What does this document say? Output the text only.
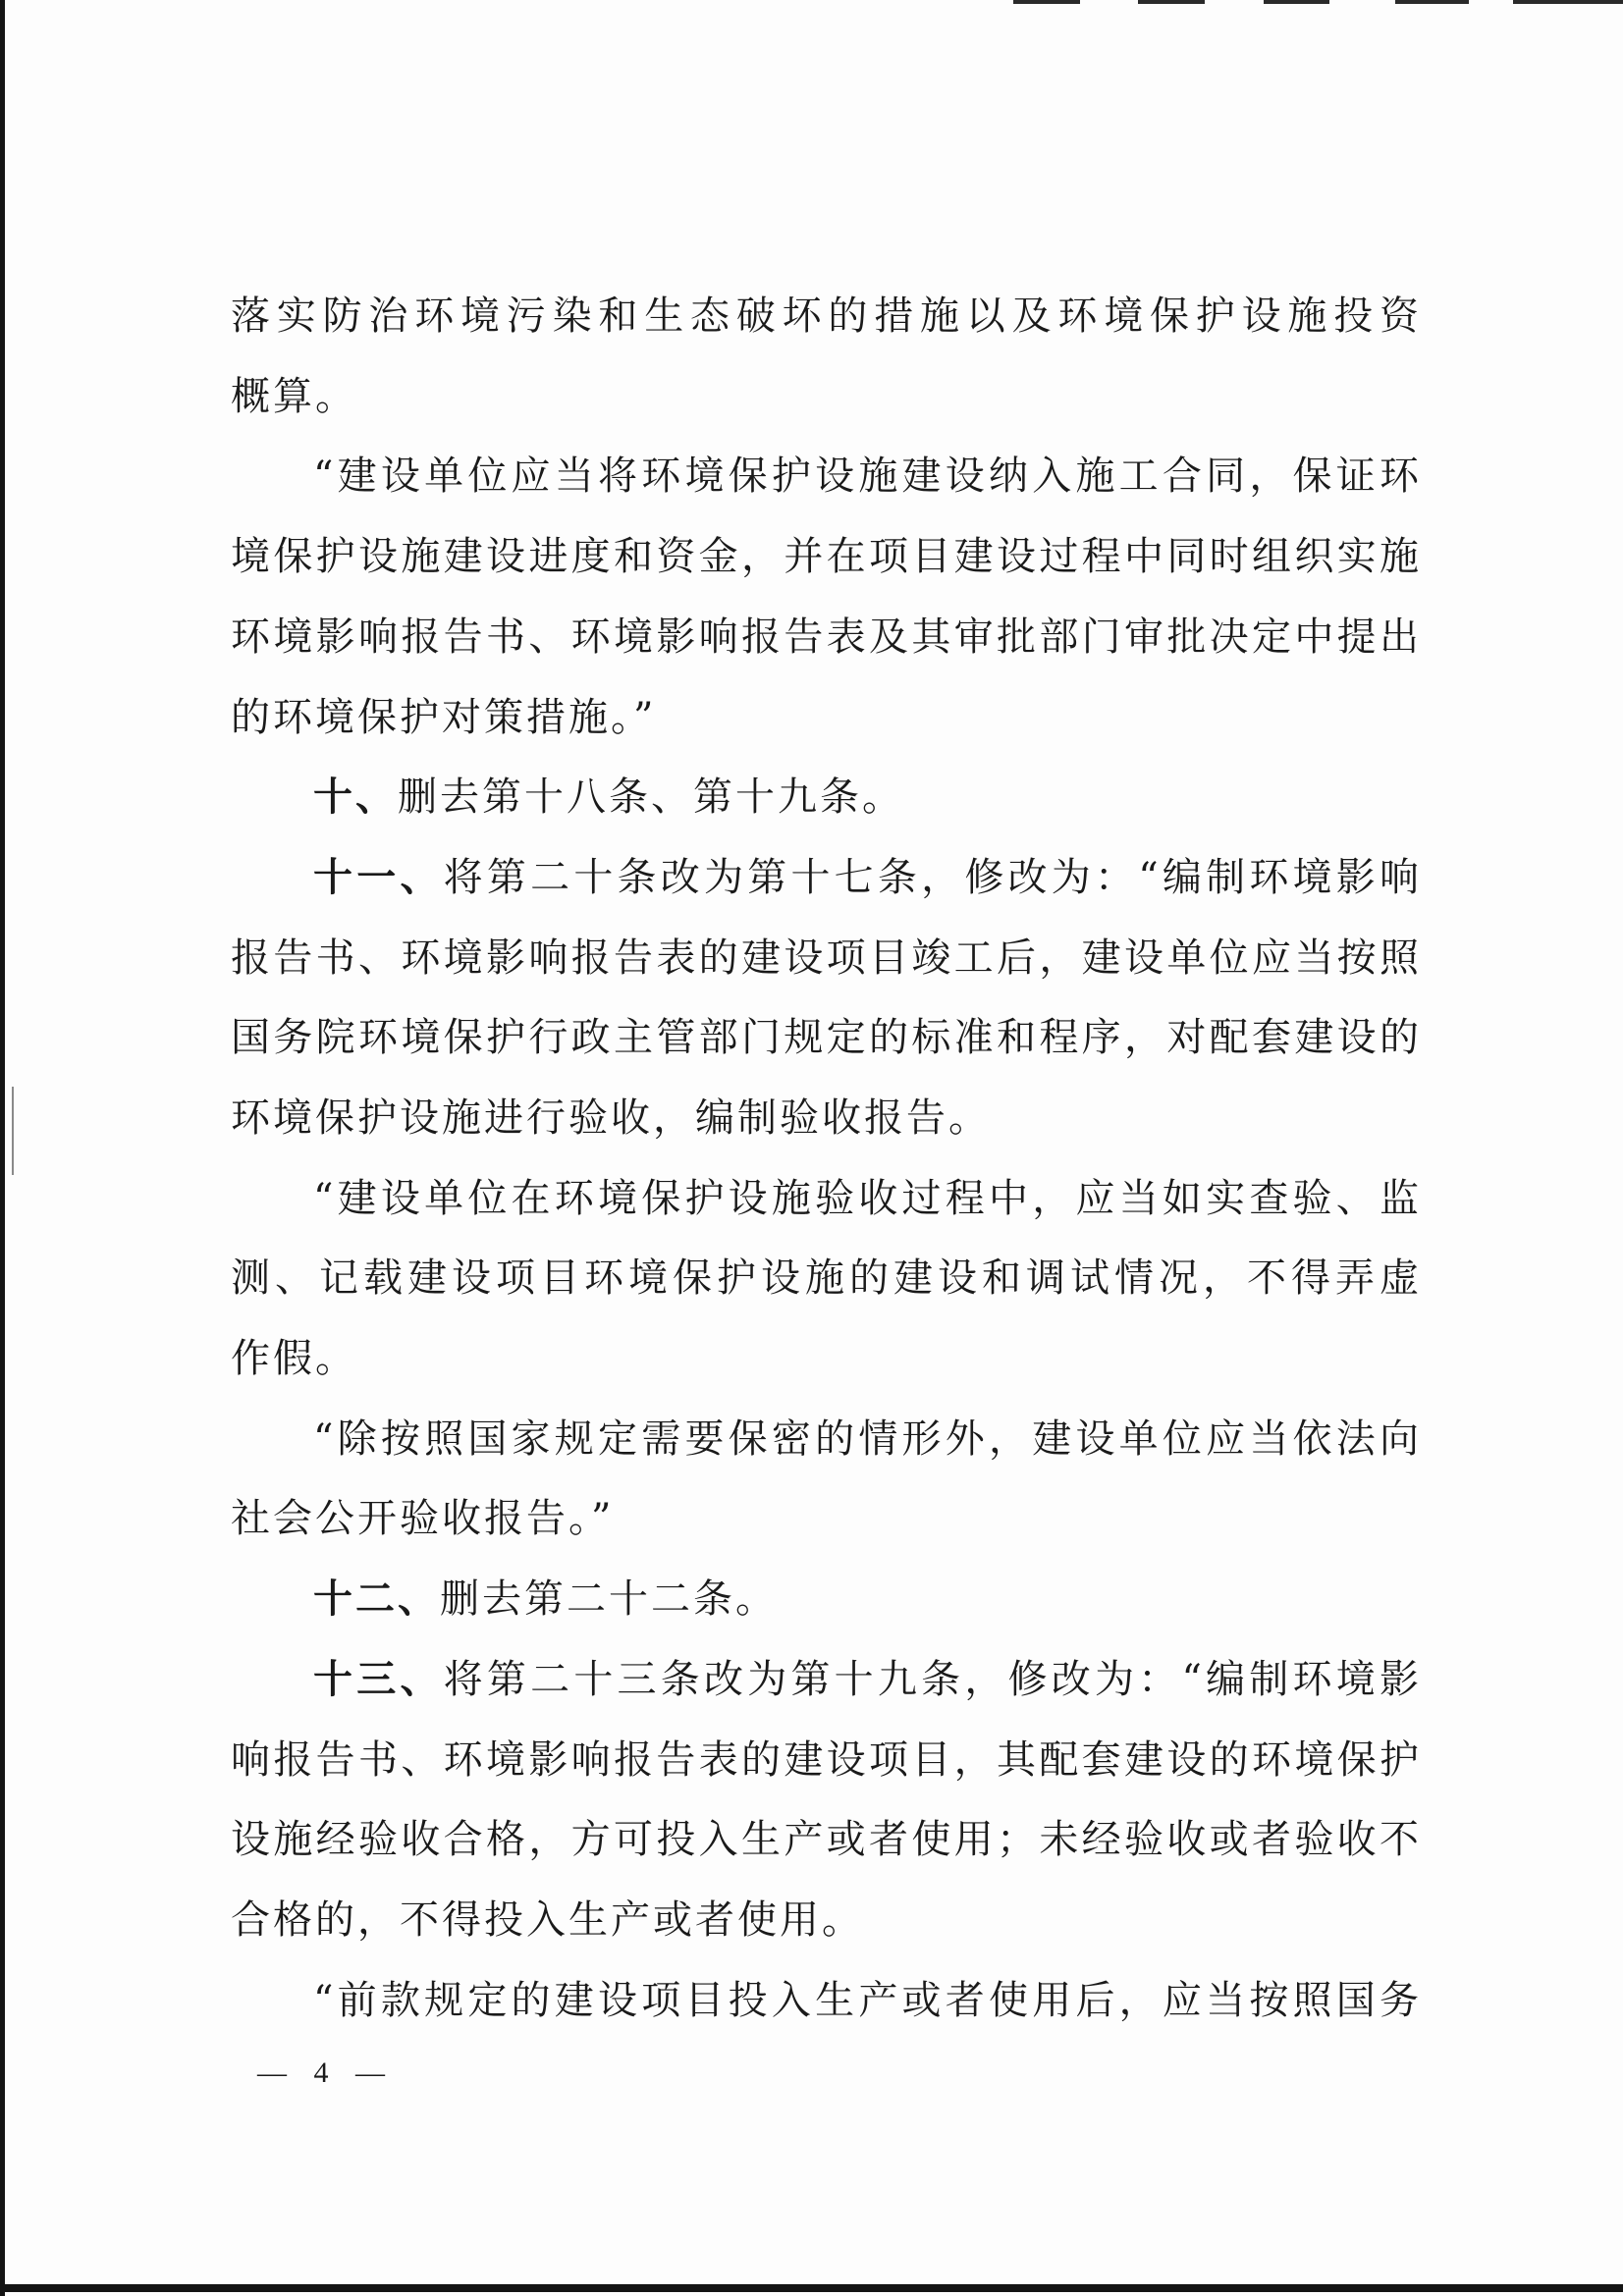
落实防治环境污染和生态破坏的措施以及环境保护设施投资
概算。
“建设单位应当将环境保护设施建设纳入施工合同，保证环
境保护设施建设进度和资金，并在项目建设过程中同时组织实施
环境影响报告书、环境影响报告表及其审批部门审批决定中提出
的环境保护对策措施。”
十、删去第十八条、第十九条。
十一、将第二十条改为第十七条，修改为：“编制环境影响
报告书、环境影响报告表的建设项目竣工后，建设单位应当按照
国务院环境保护行政主管部门规定的标准和程序，对配套建设的
环境保护设施进行验收，编制验收报告。
“建设单位在环境保护设施验收过程中，应当如实查验、监
测、记载建设项目环境保护设施的建设和调试情况，不得弄虚
作假。
“除按照国家规定需要保密的情形外，建设单位应当依法向
社会公开验收报告。”
十二、删去第二十二条。
十三、将第二十三条改为第十九条，修改为：“编制环境影
响报告书、环境影响报告表的建设项目，其配套建设的环境保护
设施经验收合格，方可投入生产或者使用；未经验收或者验收不
合格的，不得投入生产或者使用。
“前款规定的建设项目投入生产或者使用后，应当按照国务
— 4 —
